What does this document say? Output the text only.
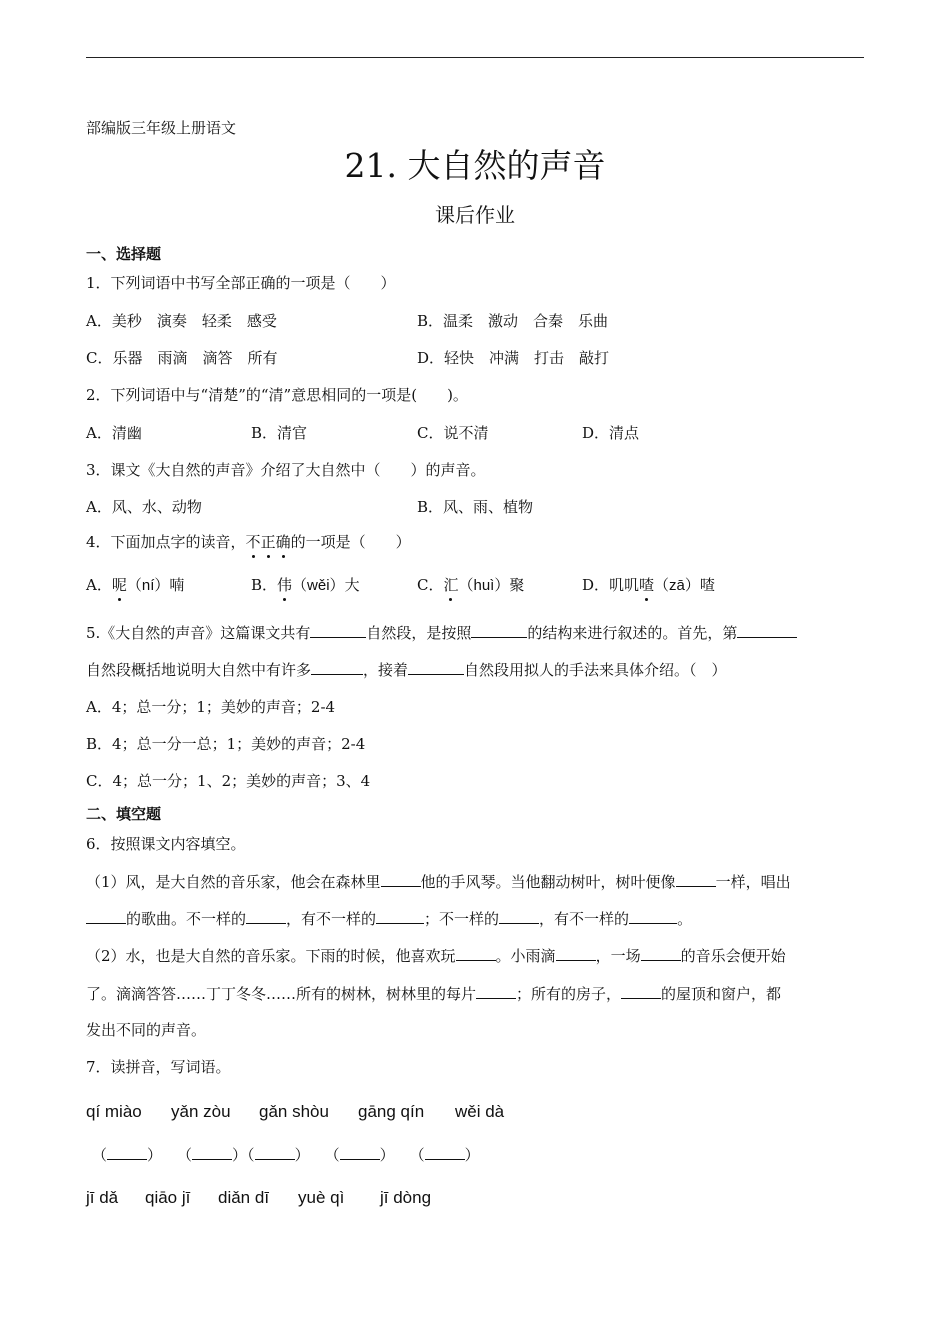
部编版三年级上册语文
21. 大自然的声音
课后作业
一、选择题
1．下列词语中书写全部正确的一项是（　　）
A．美秒　演奏　轻柔　感受	B．温柔　激动　合秦　乐曲
C．乐器　雨滴　滴答　所有	D．轻快　冲满　打击　敲打
2．下列词语中与“清楚”的“清”意思相同的一项是(　　)。
A．清幽	B．清官	C．说不清	D．清点
3．课文《大自然的声音》介绍了大自然中（　　）的声音。
A．风、水、动物	B．风、雨、植物
4．下面加点字的读音，不正确的一项是（　　）
A．呢（ní）喃	B．伟（wěi）大	C．汇（huì）聚	D．叽叽喳（zā）喳
5.《大自然的声音》这篇课文共有	自然段，是按照	的结构来进行叙述的。首先，第
自然段概括地说明大自然中有许多	，接着	自然段用拟人的手法来具体介绍。（　）
A．4；总一分；1；美妙的声音；2-4
B．4；总一分一总；1；美妙的声音；2-4
C．4；总一分；1、2；美妙的声音；3、4
二、填空题
6．按照课文内容填空。
（1）风，是大自然的音乐家，他会在森林里	他的手风琴。当他翻动树叶，树叶便像	一样，唱出
的歌曲。不一样的	，有不一样的	；不一样的	，有不一样的	。
（2）水，也是大自然的音乐家。下雨的时候，他喜欢玩	。小雨滴	，一场	的音乐会便开始
了。滴滴答答……丁丁冬冬……所有的树林，树林里的每片	；所有的房子，	的屋顶和窗户，都
发出不同的声音。
7．读拼音，写词语。
qí miào yǎn zòu gǎn shòu gāng qín wěi dà
（	）  （	）（	）  （	）  （	）
jī dǎ qiāo jī diǎn dī yuè qì jī dòng
